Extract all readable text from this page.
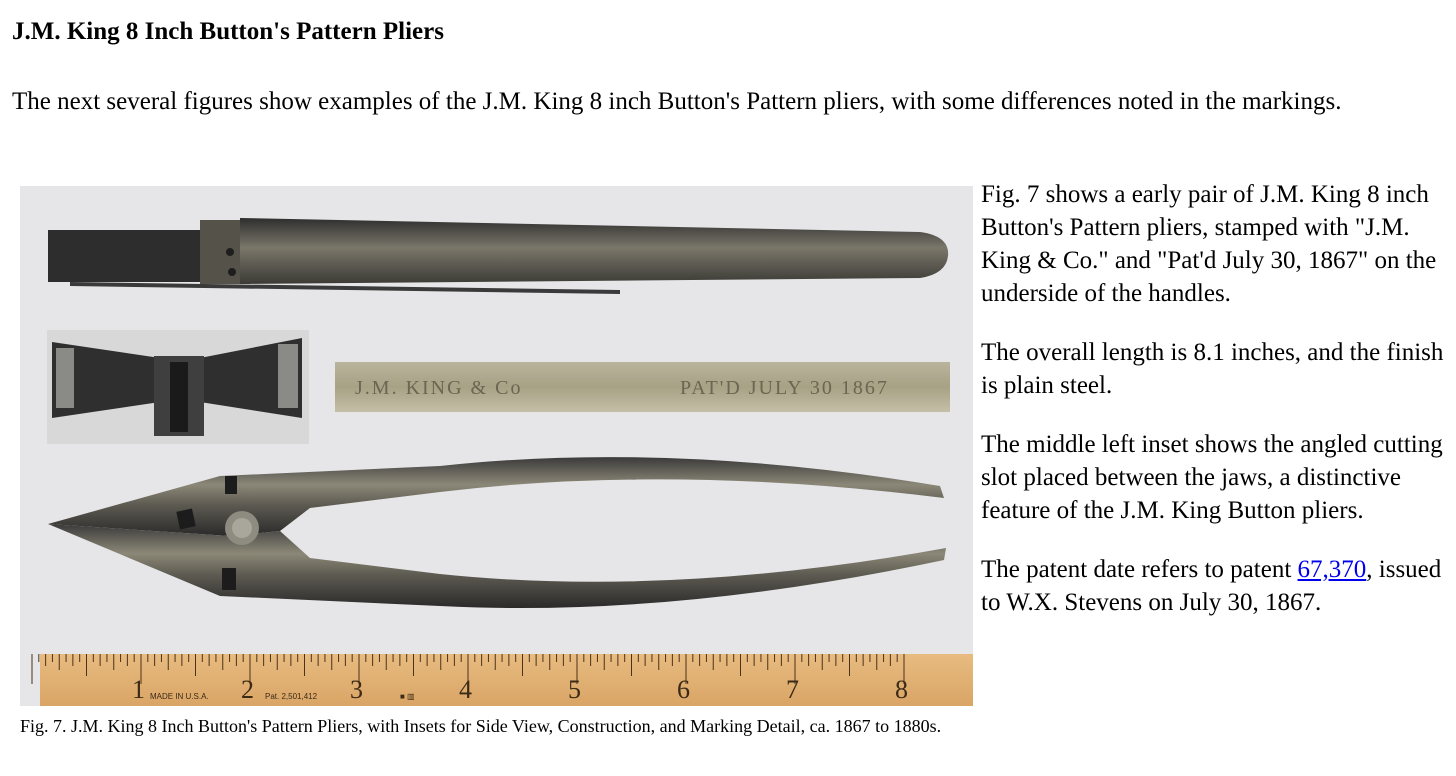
J.M. King 8 Inch Button's Pattern Pliers

The next several figures show examples of the J.M. King 8 inch Button's Pattern pliers, with some differences noted in the markings.

J.M. KING & Co	PAT'D JULY 30 1867
1	2	3	4	5	6	7	8
MADE IN U.S.A.	Pat. 2,501,412	■ ▥

Fig. 7. J.M. King 8 Inch Button's Pattern Pliers, with Insets for Side View, Construction, and Marking Detail, ca. 1867 to 1880s.

Fig. 7 shows a early pair of J.M. King 8 inch Button's Pattern pliers, stamped with "J.M. King & Co." and "Pat'd July 30, 1867" on the underside of the handles.

The overall length is 8.1 inches, and the finish is plain steel.

The middle left inset shows the angled cutting slot placed between the jaws, a distinctive feature of the J.M. King Button pliers.

The patent date refers to patent 67,370, issued to W.X. Stevens on July 30, 1867.
